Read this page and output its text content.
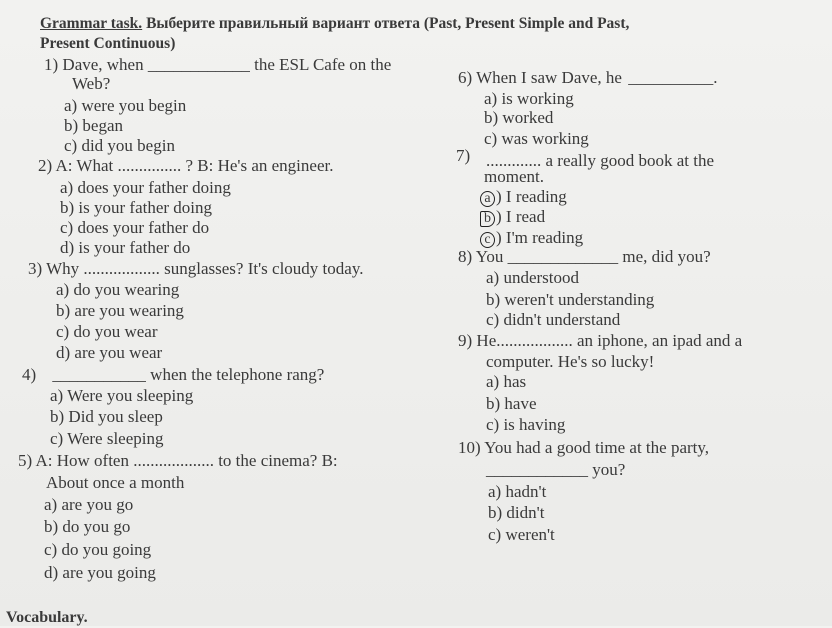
Grammar task. Выберите правильный вариант ответа (Past, Present Simple and Past,
Present Continuous)
1) Dave, when ____________ the ESL Cafe on the
Web?
a) were you begin
b) began
c) did you begin
2) A: What ............... ? B: He's an engineer.
a) does your father doing
b) is your father doing
c) does your father do
d) is your father do
3) Why .................. sunglasses? It's cloudy today.
a) do you wearing
b) are you wearing
c) do you wear
d) are you wear
4) ___________ when the telephone rang?
a) Were you sleeping
b) Did you sleep
c) Were sleeping
5) A: How often ................... to the cinema? B:
About once a month
a) are you go
b) do you go
c) do you going
d) are you going
Vocabulary.
6) When I saw Dave, he __________.
a) is working
b) worked
c) was working
7) ............. a really good book at the
moment.
a ) I reading
b ) I read
c ) I'm reading
8) You _____________ me, did you?
a) understood
b) weren't understanding
c) didn't understand
9) He.................. an iphone, an ipad and a
computer. He's so lucky!
a) has
b) have
c) is having
10) You had a good time at the party,
____________ you?
a) hadn't
b) didn't
c) weren't
